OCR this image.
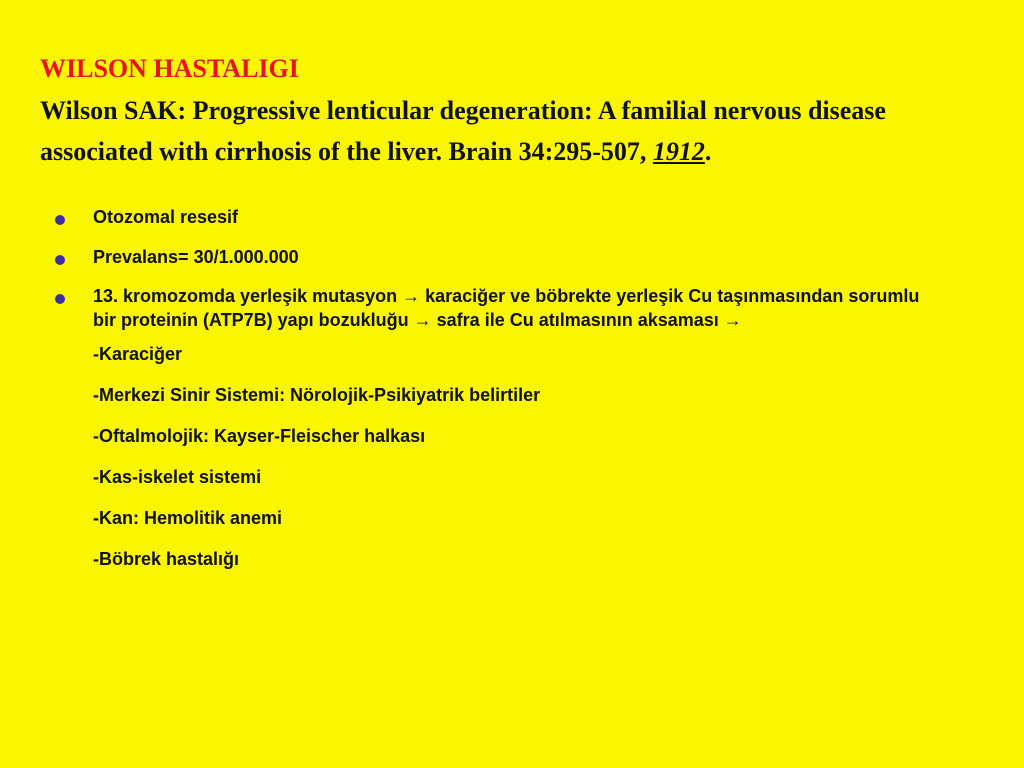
WILSON HASTALIGI
Wilson SAK: Progressive lenticular degeneration: A familial nervous disease associated with cirrhosis of the liver. Brain 34:295-507, 1912.
Otozomal resesif
Prevalans= 30/1.000.000
13. kromozomda yerleşik mutasyon → karaciğer ve böbrekte yerleşik Cu taşınmasından sorumlu bir proteinin (ATP7B) yapı bozukluğu → safra ile Cu atılmasının aksaması →
-Karaciğer
-Merkezi Sinir Sistemi: Nörolojik-Psikiyatrik belirtiler
-Oftalmolojik: Kayser-Fleischer halkası
-Kas-iskelet sistemi
-Kan: Hemolitik anemi
-Böbrek hastalığı
